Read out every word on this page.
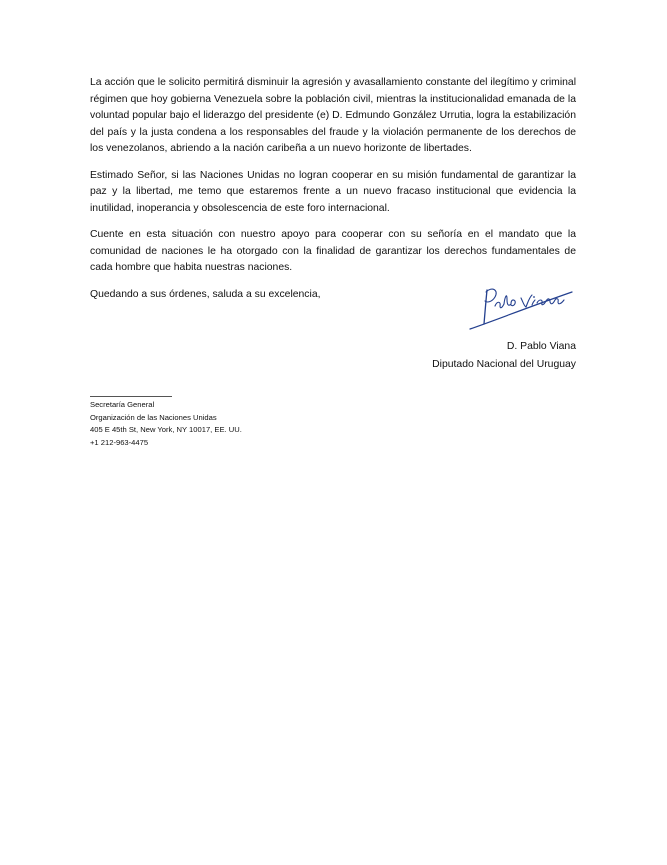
La acción que le solicito permitirá disminuir la agresión y avasallamiento constante del ilegítimo y criminal régimen que hoy gobierna Venezuela sobre la población civil, mientras la institucionalidad emanada de la voluntad popular bajo el liderazgo del presidente (e) D. Edmundo González Urrutia, logra la estabilización del país y la justa condena a los responsables del fraude y la violación permanente de los derechos de los venezolanos, abriendo a la nación caribeña a un nuevo horizonte de libertades.

Estimado Señor, si las Naciones Unidas no logran cooperar en su misión fundamental de garantizar la paz y la libertad, me temo que estaremos frente a un nuevo fracaso institucional que evidencia la inutilidad, inoperancia y obsolescencia de este foro internacional.

Cuente en esta situación con nuestro apoyo para cooperar con su señoría en el mandato que la comunidad de naciones le ha otorgado con la finalidad de garantizar los derechos fundamentales de cada hombre que habita nuestras naciones.

Quedando a sus órdenes, saluda a su excelencia,

D. Pablo Viana
Diputado Nacional del Uruguay
Secretaría General
Organización de las Naciones Unidas
405 E 45th St, New York, NY 10017, EE. UU.
+1 212-963-4475
